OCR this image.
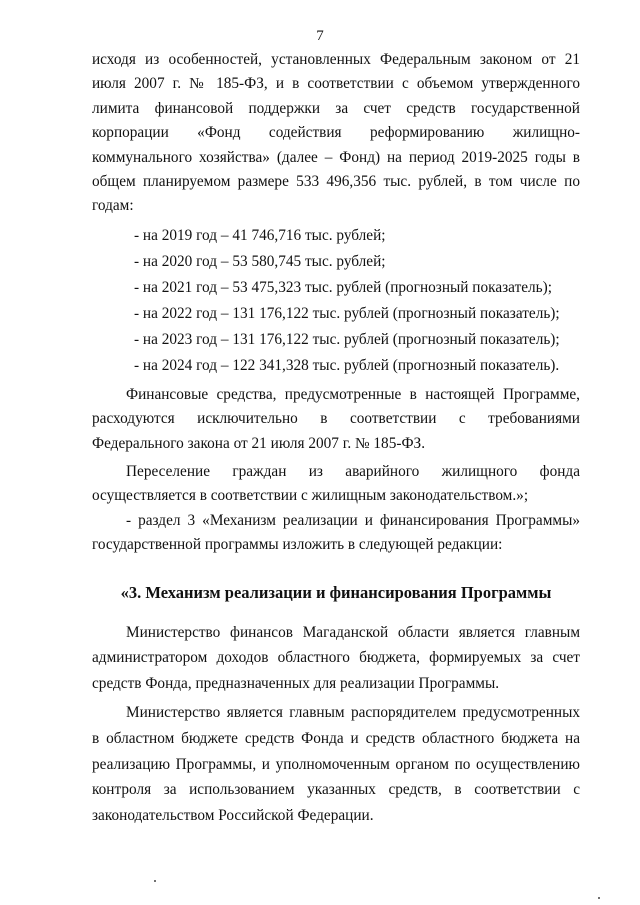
7

исходя из особенностей, установленных Федеральным законом от 21 июля 2007 г. № 185-ФЗ, и в соответствии с объемом утвержденного лимита финансовой поддержки за счет средств государственной корпорации «Фонд содействия реформированию жилищно-коммунального хозяйства» (далее – Фонд) на период 2019-2025 годы в общем планируемом размере 533 496,356 тыс. рублей, в том числе по годам:

- на 2019 год – 41 746,716 тыс. рублей;
- на 2020 год – 53 580,745 тыс. рублей;
- на 2021 год – 53 475,323 тыс. рублей (прогнозный показатель);
- на 2022 год – 131 176,122 тыс. рублей (прогнозный показатель);
- на 2023 год – 131 176,122 тыс. рублей (прогнозный показатель);
- на 2024 год – 122 341,328 тыс. рублей (прогнозный показатель).

Финансовые средства, предусмотренные в настоящей Программе, расходуются исключительно в соответствии с требованиями Федерального закона от 21 июля 2007 г. № 185-ФЗ.

Переселение граждан из аварийного жилищного фонда осуществляется в соответствии с жилищным законодательством.»;

- раздел 3 «Механизм реализации и финансирования Программы» государственной программы изложить в следующей редакции:

«3. Механизм реализации и финансирования Программы

Министерство финансов Магаданской области является главным администратором доходов областного бюджета, формируемых за счет средств Фонда, предназначенных для реализации Программы.

Министерство является главным распорядителем предусмотренных в областном бюджете средств Фонда и средств областного бюджета на реализацию Программы, и уполномоченным органом по осуществлению контроля за использованием указанных средств, в соответствии с законодательством Российской Федерации.
